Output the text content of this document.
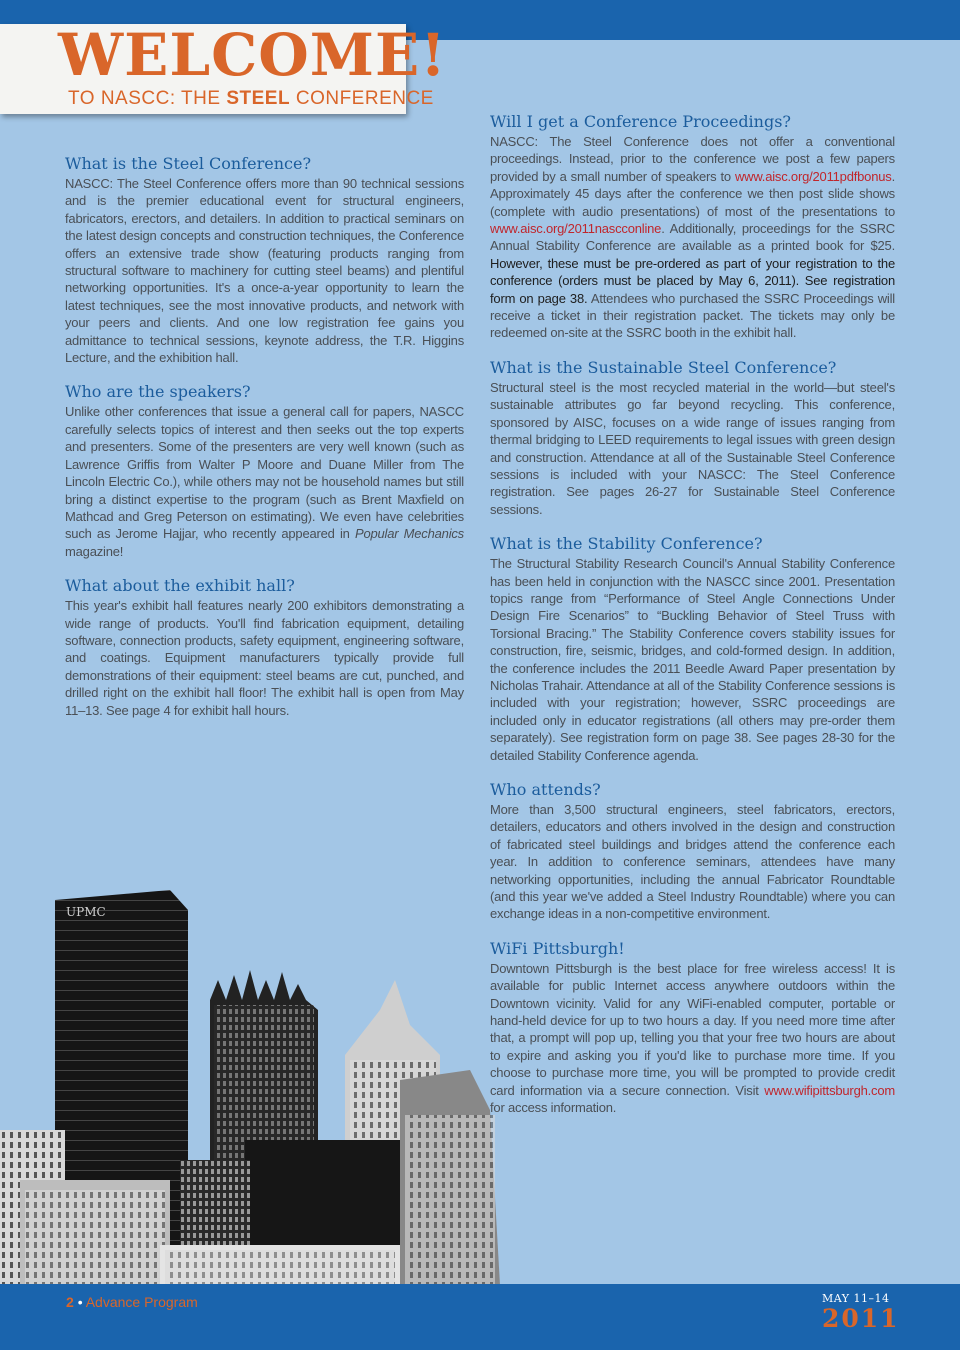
WELCOME!
TO NASCC: THE STEEL CONFERENCE
What is the Steel Conference?

NASCC: The Steel Conference offers more than 90 technical sessions and is the premier educational event for structural engineers, fabricators, erectors, and detailers. In addition to practical seminars on the latest design concepts and construction techniques, the Conference offers an extensive trade show (featuring products ranging from structural software to machinery for cutting steel beams) and plentiful networking opportunities. It's a once-a-year opportunity to learn the latest techniques, see the most innovative products, and network with your peers and clients. And one low registration fee gains you admittance to technical sessions, keynote address, the T.R. Higgins Lecture, and the exhibition hall.

Who are the speakers?

Unlike other conferences that issue a general call for papers, NASCC carefully selects topics of interest and then seeks out the top experts and presenters. Some of the presenters are very well known (such as Lawrence Griffis from Walter P Moore and Duane Miller from The Lincoln Electric Co.), while others may not be household names but still bring a distinct expertise to the program (such as Brent Maxfield on Mathcad and Greg Peterson on estimating). We even have celebrities such as Jerome Hajjar, who recently appeared in Popular Mechanics magazine!

What about the exhibit hall?

This year's exhibit hall features nearly 200 exhibitors demonstrating a wide range of products. You'll find fabrication equipment, detailing software, connection products, safety equipment, engineering software, and coatings. Equipment manufacturers typically provide full demonstrations of their equipment: steel beams are cut, punched, and drilled right on the exhibit hall floor! The exhibit hall is open from May 11–13. See page 4 for exhibit hall hours.

Will I get a Conference Proceedings?

NASCC: The Steel Conference does not offer a conventional proceedings. Instead, prior to the conference we post a few papers provided by a small number of speakers to www.aisc.org/2011pdfbonus. Approximately 45 days after the conference we then post slide shows (complete with audio presentations) of most of the presentations to www.aisc.org/2011nascconline. Additionally, proceedings for the SSRC Annual Stability Conference are available as a printed book for $25. However, these must be pre-ordered as part of your registration to the conference (orders must be placed by May 6, 2011). See registration form on page 38. Attendees who purchased the SSRC Proceedings will receive a ticket in their registration packet. The tickets may only be redeemed on-site at the SSRC booth in the exhibit hall.

What is the Sustainable Steel Conference?

Structural steel is the most recycled material in the world—but steel's sustainable attributes go far beyond recycling. This conference, sponsored by AISC, focuses on a wide range of issues ranging from thermal bridging to LEED requirements to legal issues with green design and construction. Attendance at all of the Sustainable Steel Conference sessions is included with your NASCC: The Steel Conference registration. See pages 26-27 for Sustainable Steel Conference sessions.

What is the Stability Conference?

The Structural Stability Research Council's Annual Stability Conference has been held in conjunction with the NASCC since 2001. Presentation topics range from “Performance of Steel Angle Connections Under Design Fire Scenarios” to “Buckling Behavior of Steel Truss with Torsional Bracing.” The Stability Conference covers stability issues for construction, fire, seismic, bridges, and cold-formed design. In addition, the conference includes the 2011 Beedle Award Paper presentation by Nicholas Trahair. Attendance at all of the Stability Conference sessions is included with your registration; however, SSRC proceedings are included only in educator registrations (all others may pre-order them separately). See registration form on page 38. See pages 28-30 for the detailed Stability Conference agenda.

Who attends?

More than 3,500 structural engineers, steel fabricators, erectors, detailers, educators and others involved in the design and construction of fabricated steel buildings and bridges attend the conference each year. In addition to conference seminars, attendees have many networking opportunities, including the annual Fabricator Roundtable (and this year we've added a Steel Industry Roundtable) where you can exchange ideas in a non-competitive environment.

WiFi Pittsburgh!

Downtown Pittsburgh is the best place for free wireless access! It is available for public Internet access anywhere outdoors within the Downtown vicinity. Valid for any WiFi-enabled computer, portable or hand-held device for up to two hours a day. If you need more time after that, a prompt will pop up, telling you that your free two hours are about to expire and asking you if you'd like to purchase more time. If you choose to purchase more time, you will be prompted to provide credit card information via a secure connection. Visit www.wifipittsburgh.com for access information.

UPMC
2 • Advance Program	MAY 11–14
2011
